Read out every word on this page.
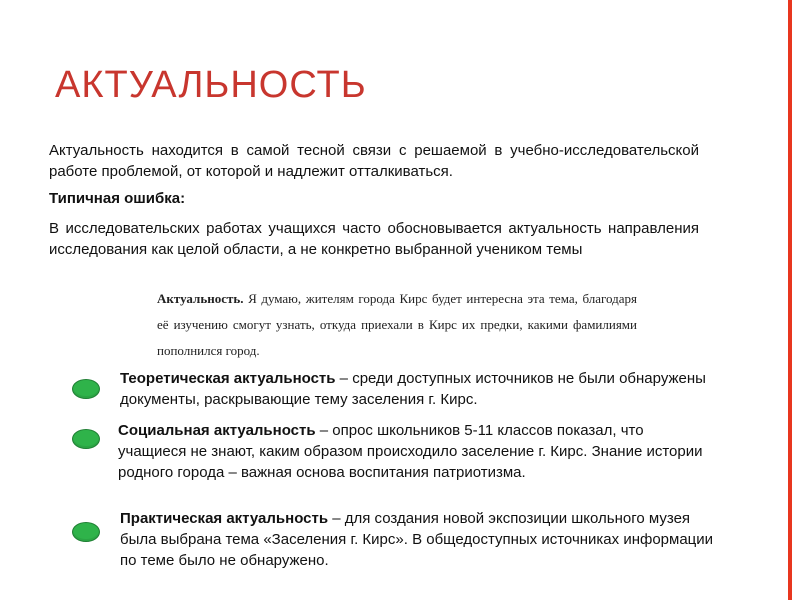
АКТУАЛЬНОСТЬ
Актуальность находится в самой тесной связи с решаемой в учебно-исследовательской работе проблемой, от которой и надлежит отталкиваться.
Типичная ошибка:
В исследовательских работах учащихся часто обосновывается актуальность направления исследования как целой области, а не конкретно выбранной учеником темы
Актуальность. Я думаю, жителям города Кирс будет интересна эта тема, благодаря её изучению смогут узнать, откуда приехали в Кирс их предки, какими фамилиями пополнился город.
Теоретическая актуальность – среди доступных источников не были обнаружены документы, раскрывающие тему заселения г. Кирс.
Социальная актуальность – опрос школьников 5-11 классов показал, что учащиеся не знают, каким образом происходило заселение г. Кирс. Знание истории родного города – важная основа воспитания патриотизма.
Практическая актуальность – для создания новой экспозиции школьного музея была выбрана тема «Заселения г. Кирс». В общедоступных источниках информации по теме было не обнаружено.
